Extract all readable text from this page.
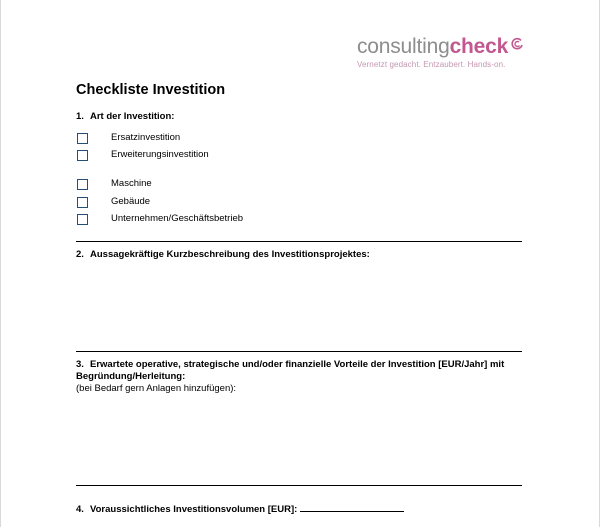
consultingcheck
Vernetzt gedacht. Entzaubert. Hands-on.
Checkliste Investition
1. Art der Investition:
Ersatzinvestition
Erweiterungsinvestition
Maschine
Gebäude
Unternehmen/Geschäftsbetrieb
2. Aussagekräftige Kurzbeschreibung des Investitionsprojektes:
3. Erwartete operative, strategische und/oder finanzielle Vorteile der Investition [EUR/Jahr] mit Begründung/Herleitung:
(bei Bedarf gern Anlagen hinzufügen):
4. Voraussichtliches Investitionsvolumen [EUR]:
